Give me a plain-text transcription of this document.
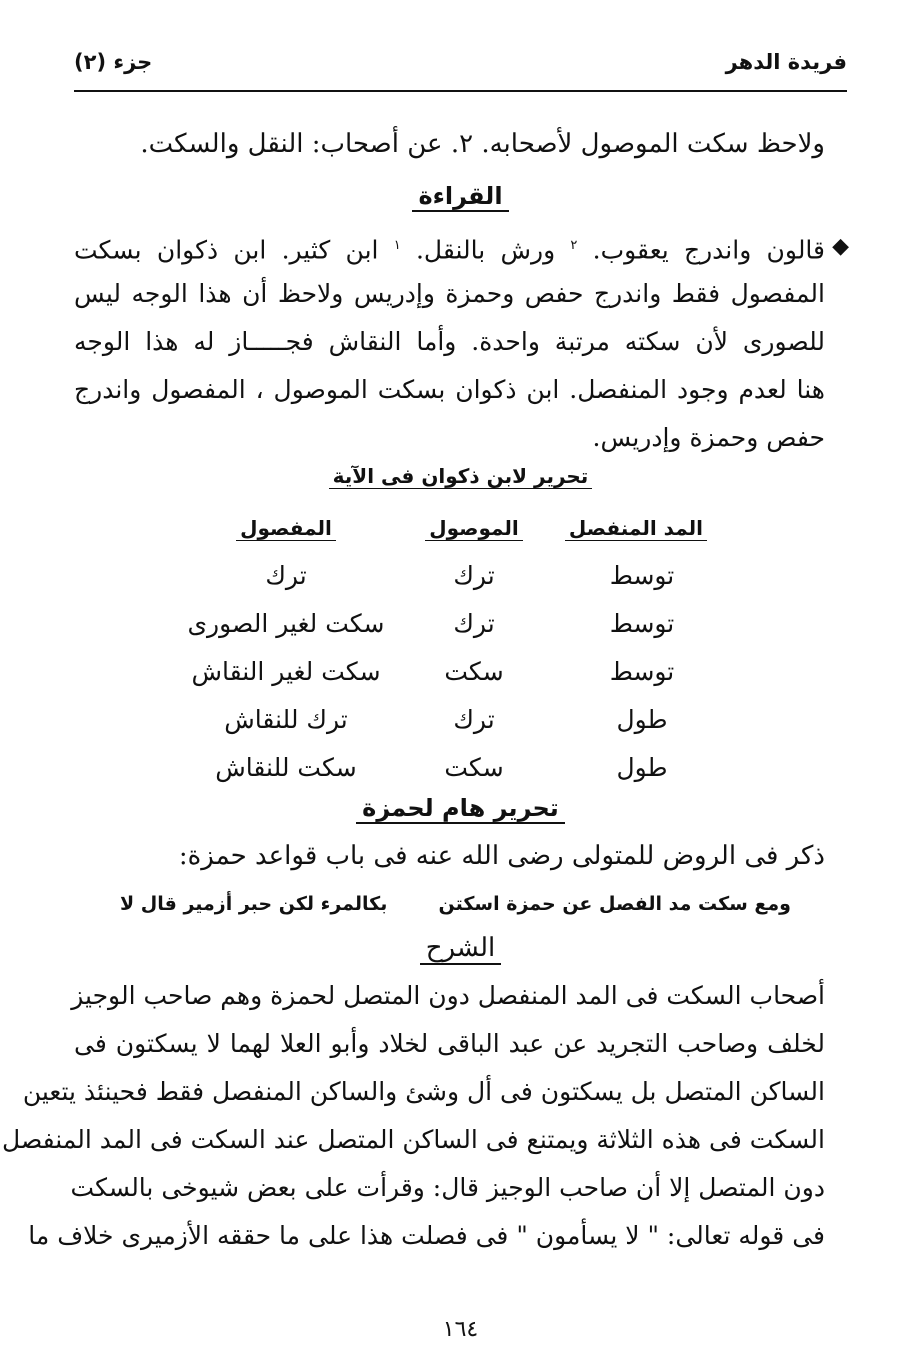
فريدة الدهر
جزء (٢)
ولاحظ سكت الموصول لأصحابه. ٢. عن أصحاب: النقل والسكت.
القراءة
◆
قالون واندرج يعقوب. $^٢$ ورش بالنقل. $^١$ ابن كثير. ابن ذكوان بسكت
المفصول فقط واندرج حفص وحمزة وإدريس ولاحظ أن هذا الوجه ليس
للصورى لأن سكته مرتبة واحدة. وأما النقاش فجـــــاز له هذا الوجه
هنا لعدم وجود المنفصل. ابن ذكوان بسكت الموصول ، المفصول واندرج
حفص وحمزة وإدريس.
تحرير لابن ذكوان فى الآية
المد المنفصل
الموصول
المفصول
توسط
ترك
ترك
توسط
ترك
سكت لغير الصورى
توسط
سكت
سكت لغير النقاش
طول
ترك
ترك للنقاش
طول
سكت
سكت للنقاش
تحرير هام لحمزة
ذكر فى الروض للمتولى رضى الله عنه فى باب قواعد حمزة:
ومع سكت مد الفصل عن حمزة اسكتن
بكالمرء لكن حبر أزمير قال لا
الشرح
أصحاب السكت فى المد المنفصل دون المتصل لحمزة وهم صاحب الوجيز
لخلف وصاحب التجريد عن عبد الباقى لخلاد وأبو العلا لهما لا يسكتون فى
الساكن المتصل بل يسكتون فى أل وشئ والساكن المنفصل فقط فحينئذ يتعين
السكت فى هذه الثلاثة ويمتنع فى الساكن المتصل عند السكت فى المد المنفصل
دون المتصل إلا أن صاحب الوجيز قال: وقرأت على بعض شيوخى بالسكت
فى قوله تعالى: " لا يسأمون " فى فصلت هذا على ما حققه الأزميرى خلاف ما
١٦٤
